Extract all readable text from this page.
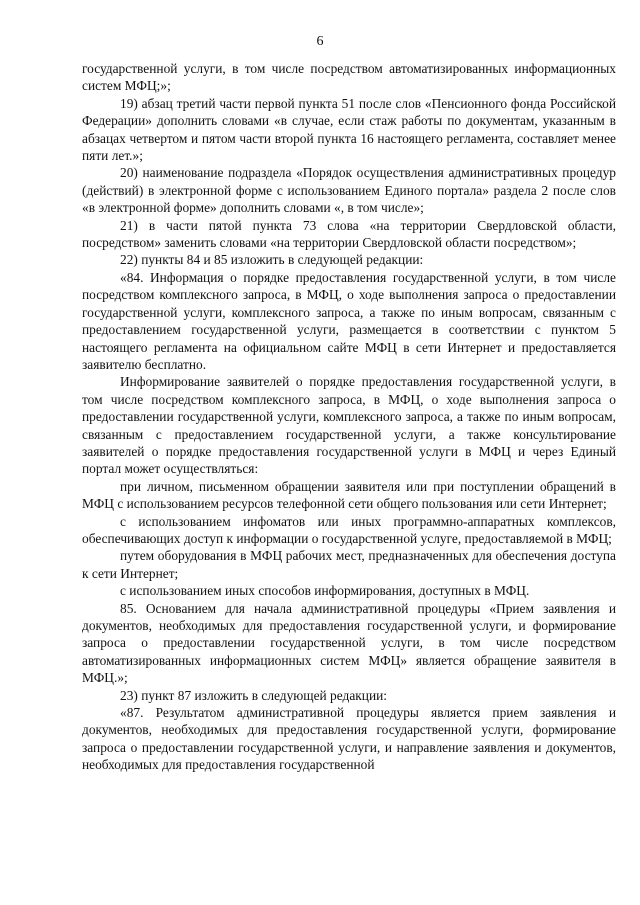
6

государственной услуги, в том числе посредством автоматизированных информационных систем МФЦ;»;

19) абзац третий части первой пункта 51 после слов «Пенсионного фонда Российской Федерации» дополнить словами «в случае, если стаж работы по документам, указанным в абзацах четвертом и пятом части второй пункта 16 настоящего регламента, составляет менее пяти лет.»;

20) наименование подраздела «Порядок осуществления административных процедур (действий) в электронной форме с использованием Единого портала» раздела 2 после слов «в электронной форме» дополнить словами «, в том числе»;

21) в части пятой пункта 73 слова «на территории Свердловской области, посредством» заменить словами «на территории Свердловской области посредством»;

22) пункты 84 и 85 изложить в следующей редакции:

«84. Информация о порядке предоставления государственной услуги, в том числе посредством комплексного запроса, в МФЦ, о ходе выполнения запроса о предоставлении государственной услуги, комплексного запроса, а также по иным вопросам, связанным с предоставлением государственной услуги, размещается в соответствии с пунктом 5 настоящего регламента на официальном сайте МФЦ в сети Интернет и предоставляется заявителю бесплатно.

Информирование заявителей о порядке предоставления государственной услуги, в том числе посредством комплексного запроса, в МФЦ, о ходе выполнения запроса о предоставлении государственной услуги, комплексного запроса, а также по иным вопросам, связанным с предоставлением государственной услуги, а также консультирование заявителей о порядке предоставления государственной услуги в МФЦ и через Единый портал может осуществляться:

при личном, письменном обращении заявителя или при поступлении обращений в МФЦ с использованием ресурсов телефонной сети общего пользования или сети Интернет;

с использованием инфоматов или иных программно-аппаратных комплексов, обеспечивающих доступ к информации о государственной услуге, предоставляемой в МФЦ;

путем оборудования в МФЦ рабочих мест, предназначенных для обеспечения доступа к сети Интернет;

с использованием иных способов информирования, доступных в МФЦ.

85. Основанием для начала административной процедуры «Прием заявления и документов, необходимых для предоставления государственной услуги, и формирование запроса о предоставлении государственной услуги, в том числе посредством автоматизированных информационных систем МФЦ» является обращение заявителя в МФЦ.»;

23) пункт 87 изложить в следующей редакции:

«87. Результатом административной процедуры является прием заявления и документов, необходимых для предоставления государственной услуги, формирование запроса о предоставлении государственной услуги, и направление заявления и документов, необходимых для предоставления государственной
